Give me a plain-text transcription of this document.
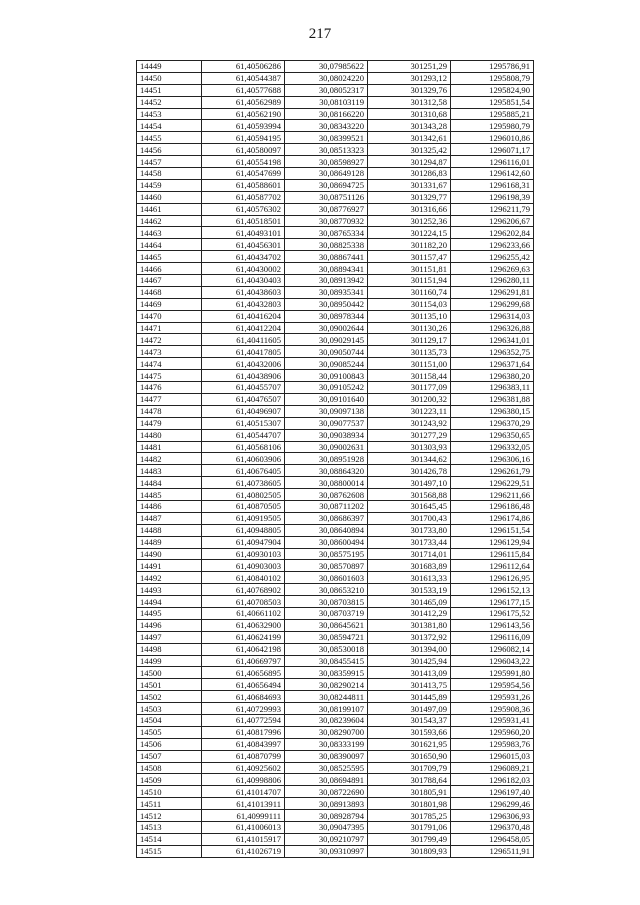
217
14449	61,40506286	30,07985622	301251,29	1295786,91
14450	61,40544387	30,08024220	301293,12	1295808,79
14451	61,40577688	30,08052317	301329,76	1295824,90
14452	61,40562989	30,08103119	301312,58	1295851,54
14453	61,40562190	30,08166220	301310,68	1295885,21
14454	61,40593994	30,08343220	301343,28	1295980,79
14455	61,40594195	30,08399521	301342,61	1296010,86
14456	61,40580097	30,08513323	301325,42	1296071,17
14457	61,40554198	30,08598927	301294,87	1296116,01
14458	61,40547699	30,08649128	301286,83	1296142,60
14459	61,40588601	30,08694725	301331,67	1296168,31
14460	61,40587702	30,08751126	301329,77	1296198,39
14461	61,40576302	30,08776927	301316,66	1296211,79
14462	61,40518501	30,08770932	301252,36	1296206,67
14463	61,40493101	30,08765334	301224,15	1296202,84
14464	61,40456301	30,08825338	301182,20	1296233,66
14465	61,40434702	30,08867441	301157,47	1296255,42
14466	61,40430002	30,08894341	301151,81	1296269,63
14467	61,40430403	30,08913942	301151,94	1296280,11
14468	61,40438603	30,08935341	301160,74	1296291,81
14469	61,40432803	30,08950442	301154,03	1296299,68
14470	61,40416204	30,08978344	301135,10	1296314,03
14471	61,40412204	30,09002644	301130,26	1296326,88
14472	61,40411605	30,09029145	301129,17	1296341,01
14473	61,40417805	30,09050744	301135,73	1296352,75
14474	61,40432006	30,09085244	301151,00	1296371,64
14475	61,40438906	30,09100843	301158,44	1296380,20
14476	61,40455707	30,09105242	301177,09	1296383,11
14477	61,40476507	30,09101640	301200,32	1296381,88
14478	61,40496907	30,09097138	301223,11	1296380,15
14479	61,40515307	30,09077537	301243,92	1296370,29
14480	61,40544707	30,09038934	301277,29	1296350,65
14481	61,40568106	30,09002631	301303,93	1296332,05
14482	61,40603906	30,08951928	301344,62	1296306,16
14483	61,40676405	30,08864320	301426,78	1296261,79
14484	61,40738605	30,08800014	301497,10	1296229,51
14485	61,40802505	30,08762608	301568,88	1296211,66
14486	61,40870505	30,08711202	301645,45	1296186,48
14487	61,40919505	30,08686397	301700,43	1296174,86
14488	61,40948805	30,08640894	301733,80	1296151,54
14489	61,40947904	30,08600494	301733,44	1296129,94
14490	61,40930103	30,08575195	301714,01	1296115,84
14491	61,40903003	30,08570897	301683,89	1296112,64
14492	61,40840102	30,08601603	301613,33	1296126,95
14493	61,40768902	30,08653210	301533,19	1296152,13
14494	61,40708503	30,08703815	301465,09	1296177,15
14495	61,40661102	30,08703719	301412,29	1296175,52
14496	61,40632900	30,08645621	301381,80	1296143,56
14497	61,40624199	30,08594721	301372,92	1296116,09
14498	61,40642198	30,08530018	301394,00	1296082,14
14499	61,40669797	30,08455415	301425,94	1296043,22
14500	61,40656895	30,08359915	301413,09	1295991,80
14501	61,40656494	30,08290214	301413,75	1295954,56
14502	61,40684693	30,08244811	301445,89	1295931,26
14503	61,40729993	30,08199107	301497,09	1295908,36
14504	61,40772594	30,08239604	301543,37	1295931,41
14505	61,40817996	30,08290700	301593,66	1295960,20
14506	61,40843997	30,08333199	301621,95	1295983,76
14507	61,40870799	30,08390097	301650,90	1296015,03
14508	61,40925602	30,08525595	301709,79	1296089,21
14509	61,40998806	30,08694891	301788,64	1296182,03
14510	61,41014707	30,08722690	301805,91	1296197,40
14511	61,41013911	30,08913893	301801,98	1296299,46
14512	61,40999111	30,08928794	301785,25	1296306,93
14513	61,41006013	30,09047395	301791,06	1296370,48
14514	61,41015917	30,09210797	301799,49	1296458,05
14515	61,41026719	30,09310997	301809,93	1296511,91
